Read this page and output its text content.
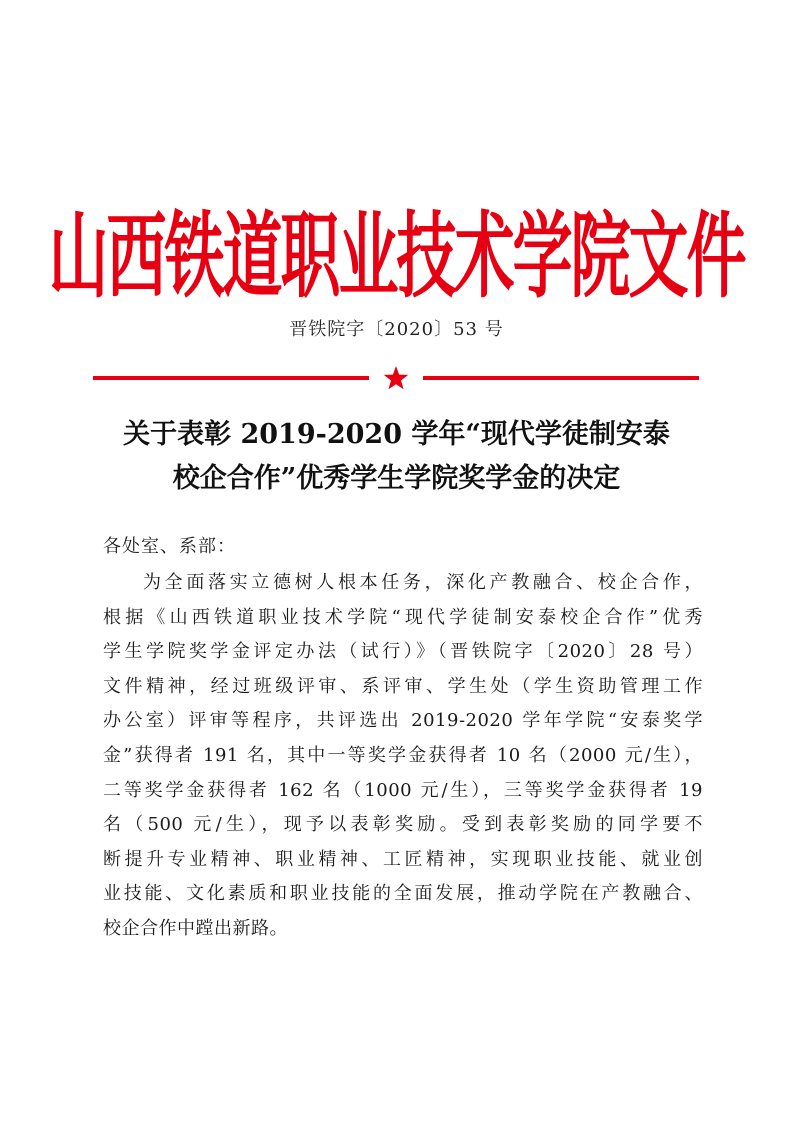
山西铁道职业技术学院文件
晋铁院字〔2020〕53 号
关于表彰 2019-2020 学年“现代学徒制安泰
校企合作”优秀学生学院奖学金的决定
各处室、系部：
为全面落实立德树人根本任务，深化产教融合、校企合作，
根据《山西铁道职业技术学院“现代学徒制安泰校企合作”优秀
学生学院奖学金评定办法（试行）》（晋铁院字〔2020〕28 号）
文件精神，经过班级评审、系评审、学生处（学生资助管理工作
办公室）评审等程序，共评选出 2019-2020 学年学院“安泰奖学
金”获得者 191 名，其中一等奖学金获得者 10 名（2000 元/生），
二等奖学金获得者 162 名（1000 元/生），三等奖学金获得者 19
名（500 元/生），现予以表彰奖励。受到表彰奖励的同学要不
断提升专业精神、职业精神、工匠精神，实现职业技能、就业创
业技能、文化素质和职业技能的全面发展，推动学院在产教融合、
校企合作中蹚出新路。
